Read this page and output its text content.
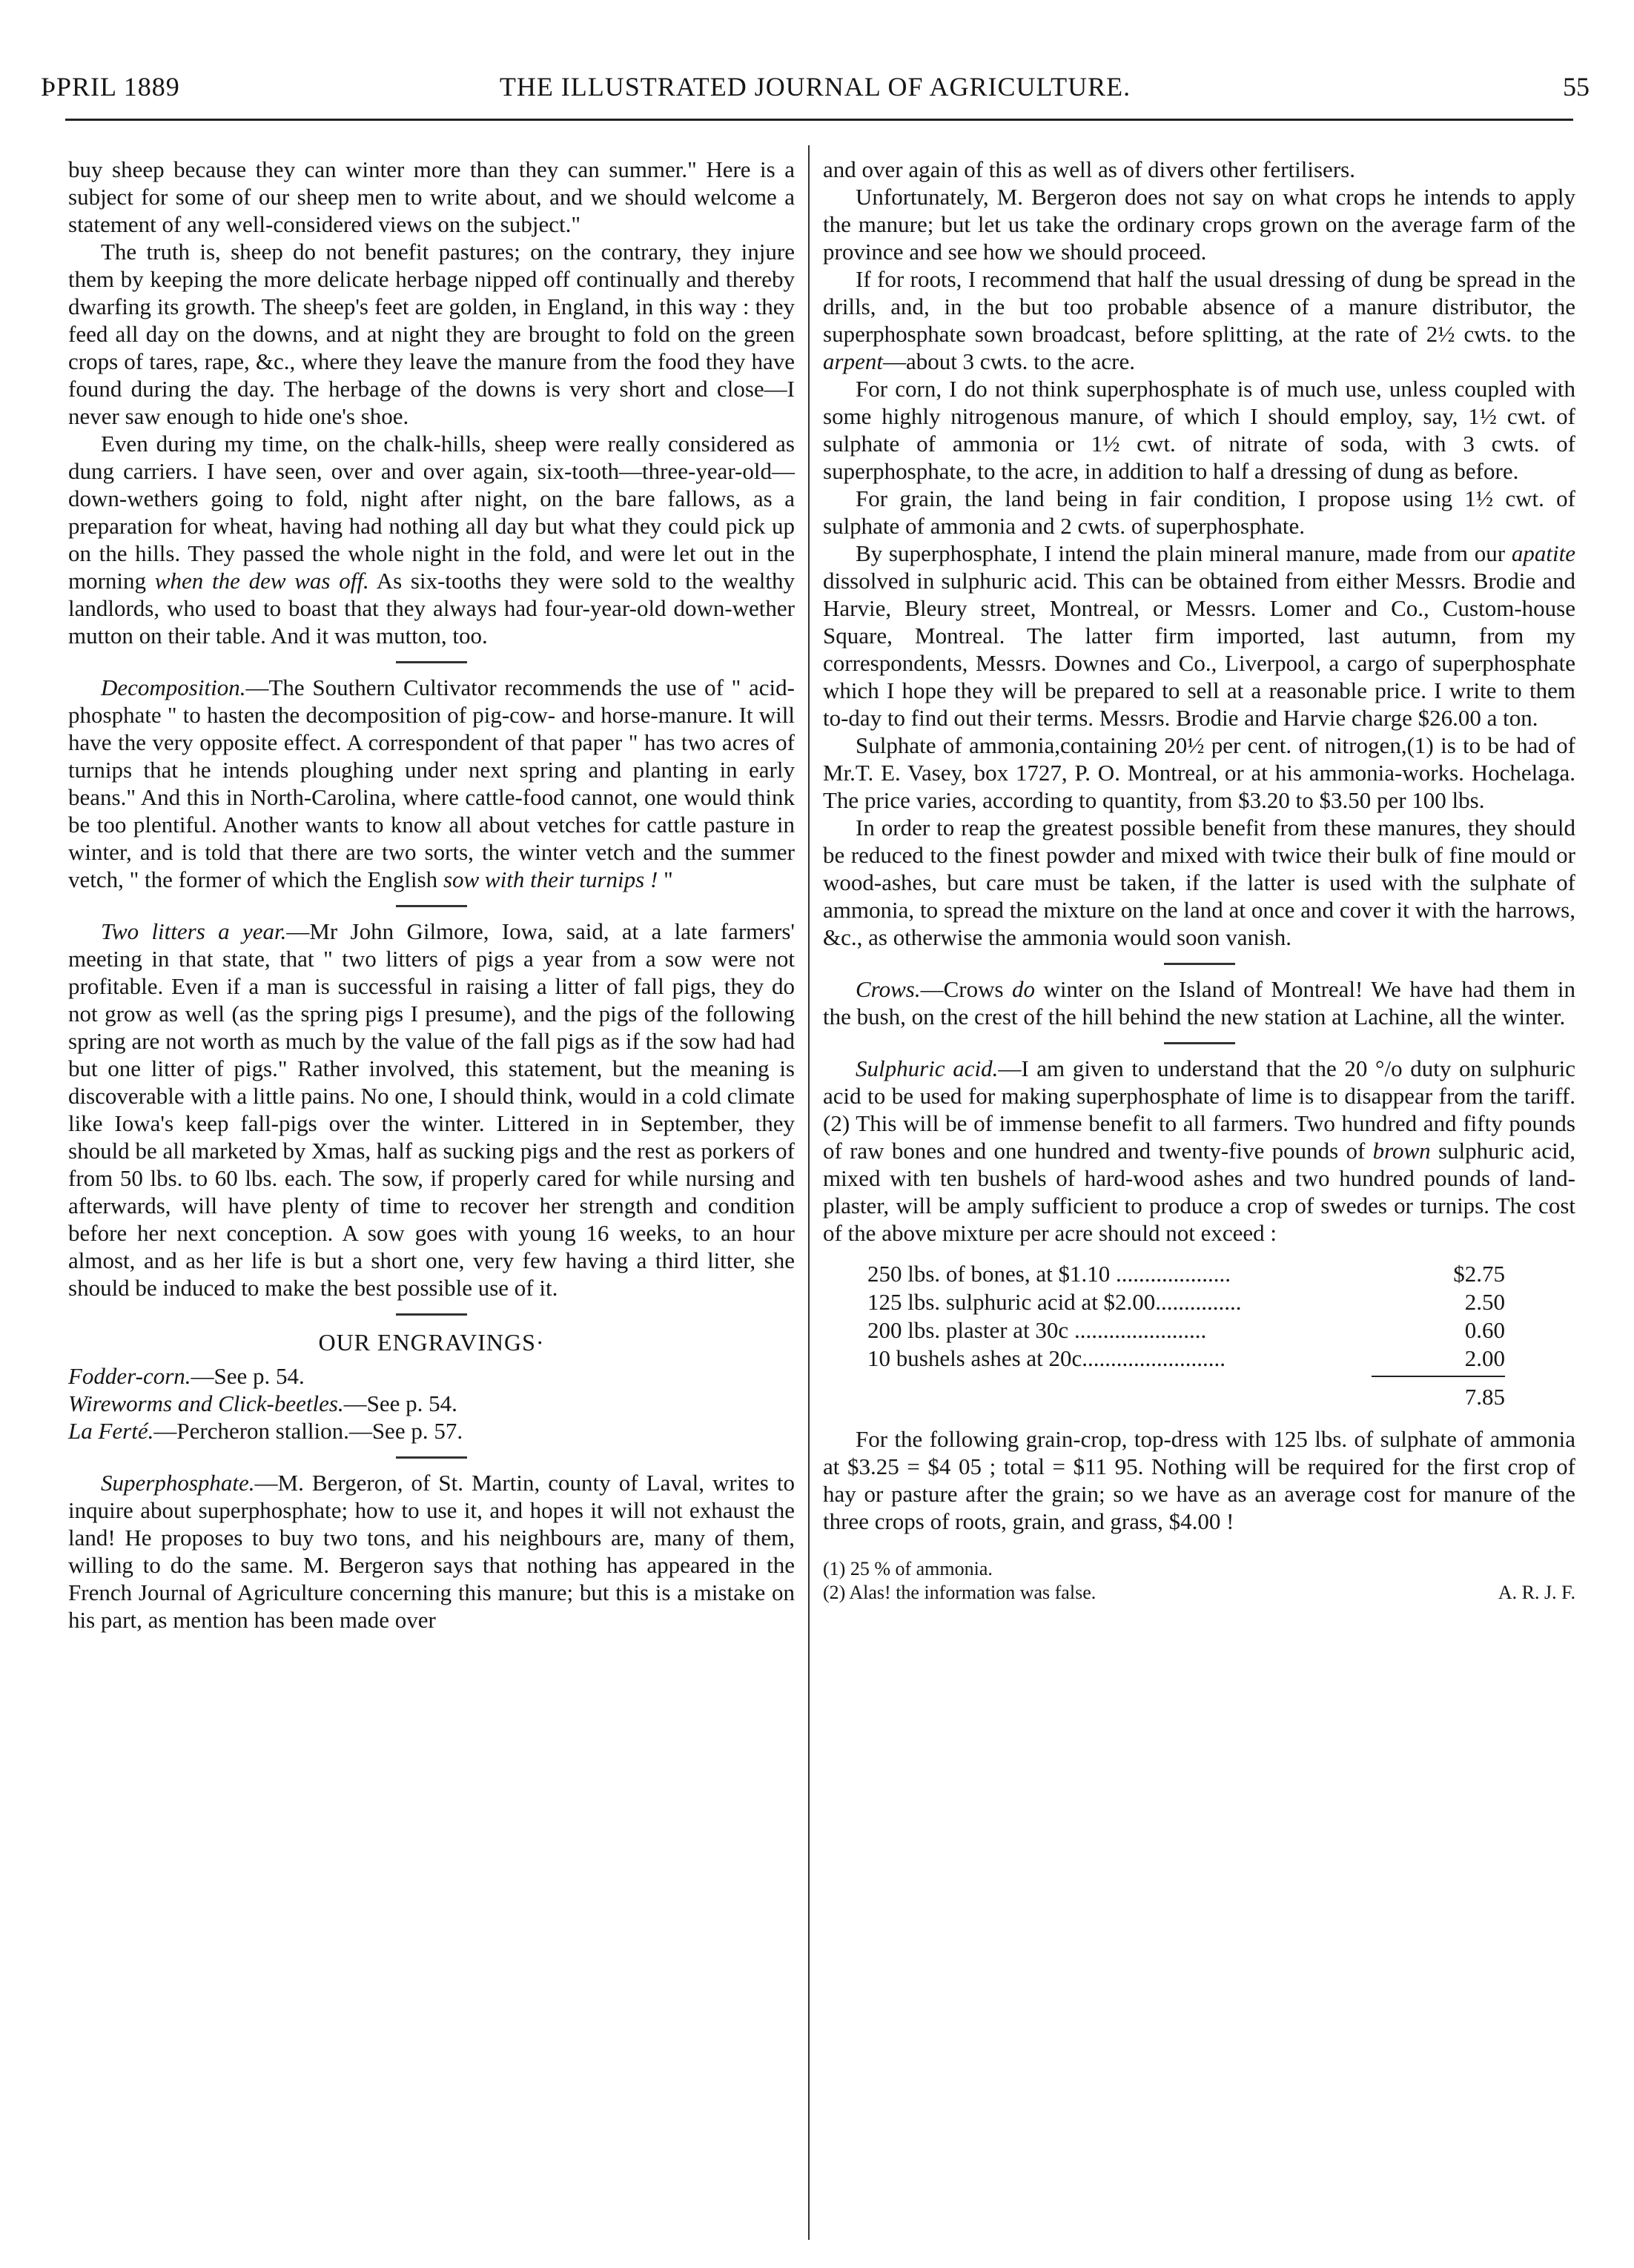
ÞPRIL 1889	THE ILLUSTRATED JOURNAL OF AGRICULTURE.	55

buy sheep because they can winter more than they can summer." Here is a subject for some of our sheep men to write about, and we should welcome a statement of any well-considered views on the subject."

The truth is, sheep do not benefit pastures; on the contrary, they injure them by keeping the more delicate herbage nipped off continually and thereby dwarfing its growth. The sheep's feet are golden, in England, in this way : they feed all day on the downs, and at night they are brought to fold on the green crops of tares, rape, &c., where they leave the manure from the food they have found during the day. The herbage of the downs is very short and close—I never saw enough to hide one's shoe.

Even during my time, on the chalk-hills, sheep were really considered as dung carriers. I have seen, over and over again, six-tooth—three-year-old—down-wethers going to fold, night after night, on the bare fallows, as a preparation for wheat, having had nothing all day but what they could pick up on the hills. They passed the whole night in the fold, and were let out in the morning when the dew was off. As six-tooths they were sold to the wealthy landlords, who used to boast that they always had four-year-old down-wether mutton on their table. And it was mutton, too.

Decomposition.—The Southern Cultivator recommends the use of " acid-phosphate " to hasten the decomposition of pig-cow- and horse-manure. It will have the very opposite effect. A correspondent of that paper " has two acres of turnips that he intends ploughing under next spring and planting in early beans." And this in North-Carolina, where cattle-food cannot, one would think be too plentiful. Another wants to know all about vetches for cattle pasture in winter, and is told that there are two sorts, the winter vetch and the summer vetch, " the former of which the English sow with their turnips ! "

Two litters a year.—Mr John Gilmore, Iowa, said, at a late farmers' meeting in that state, that " two litters of pigs a year from a sow were not profitable. Even if a man is successful in raising a litter of fall pigs, they do not grow as well (as the spring pigs I presume), and the pigs of the following spring are not worth as much by the value of the fall pigs as if the sow had had but one litter of pigs." Rather involved, this statement, but the meaning is discoverable with a little pains. No one, I should think, would in a cold climate like Iowa's keep fall-pigs over the winter. Littered in in September, they should be all marketed by Xmas, half as sucking pigs and the rest as porkers of from 50 lbs. to 60 lbs. each. The sow, if properly cared for while nursing and afterwards, will have plenty of time to recover her strength and condition before her next conception. A sow goes with young 16 weeks, to an hour almost, and as her life is but a short one, very few having a third litter, she should be induced to make the best possible use of it.

OUR ENGRAVINGS·

Fodder-corn.—See p. 54.

Wireworms and Click-beetles.—See p. 54.

La Ferté.—Percheron stallion.—See p. 57.

Superphosphate.—M. Bergeron, of St. Martin, county of Laval, writes to inquire about superphosphate; how to use it, and hopes it will not exhaust the land! He proposes to buy two tons, and his neighbours are, many of them, willing to do the same. M. Bergeron says that nothing has appeared in the French Journal of Agriculture concerning this manure; but this is a mistake on his part, as mention has been made over

and over again of this as well as of divers other fertilisers.

Unfortunately, M. Bergeron does not say on what crops he intends to apply the manure; but let us take the ordinary crops grown on the average farm of the province and see how we should proceed.

If for roots, I recommend that half the usual dressing of dung be spread in the drills, and, in the but too probable absence of a manure distributor, the superphosphate sown broadcast, before splitting, at the rate of 2½ cwts. to the arpent—about 3 cwts. to the acre.

For corn, I do not think superphosphate is of much use, unless coupled with some highly nitrogenous manure, of which I should employ, say, 1½ cwt. of sulphate of ammonia or 1½ cwt. of nitrate of soda, with 3 cwts. of superphosphate, to the acre, in addition to half a dressing of dung as before.

For grain, the land being in fair condition, I propose using 1½ cwt. of sulphate of ammonia and 2 cwts. of superphosphate.

By superphosphate, I intend the plain mineral manure, made from our apatite dissolved in sulphuric acid. This can be obtained from either Messrs. Brodie and Harvie, Bleury street, Montreal, or Messrs. Lomer and Co., Custom-house Square, Montreal. The latter firm imported, last autumn, from my correspondents, Messrs. Downes and Co., Liverpool, a cargo of superphosphate which I hope they will be prepared to sell at a reasonable price. I write to them to-day to find out their terms. Messrs. Brodie and Harvie charge $26.00 a ton.

Sulphate of ammonia,containing 20½ per cent. of nitrogen,(1) is to be had of Mr.T. E. Vasey, box 1727, P. O. Montreal, or at his ammonia-works. Hochelaga. The price varies, according to quantity, from $3.20 to $3.50 per 100 lbs.

In order to reap the greatest possible benefit from these manures, they should be reduced to the finest powder and mixed with twice their bulk of fine mould or wood-ashes, but care must be taken, if the latter is used with the sulphate of ammonia, to spread the mixture on the land at once and cover it with the harrows, &c., as otherwise the ammonia would soon vanish.

Crows.—Crows do winter on the Island of Montreal! We have had them in the bush, on the crest of the hill behind the new station at Lachine, all the winter.

Sulphuric acid.—I am given to understand that the 20 °/o duty on sulphuric acid to be used for making superphosphate of lime is to disappear from the tariff. (2) This will be of immense benefit to all farmers. Two hundred and fifty pounds of raw bones and one hundred and twenty-five pounds of brown sulphuric acid, mixed with ten bushels of hard-wood ashes and two hundred pounds of land-plaster, will be amply sufficient to produce a crop of swedes or turnips. The cost of the above mixture per acre should not exceed :

250 lbs. of bones, at $1.10 ....................	$2.75
125 lbs. sulphuric acid at $2.00...............	2.50
200 lbs. plaster at 30c .......................	0.60
10 bushels ashes at 20c.........................	2.00
7.85

For the following grain-crop, top-dress with 125 lbs. of sulphate of ammonia at $3.25 = $4 05 ; total = $11 95. Nothing will be required for the first crop of hay or pasture after the grain; so we have as an average cost for manure of the three crops of roots, grain, and grass, $4.00 !

(1) 25 % of ammonia.
(2) Alas! the information was false.	A. R. J. F.
